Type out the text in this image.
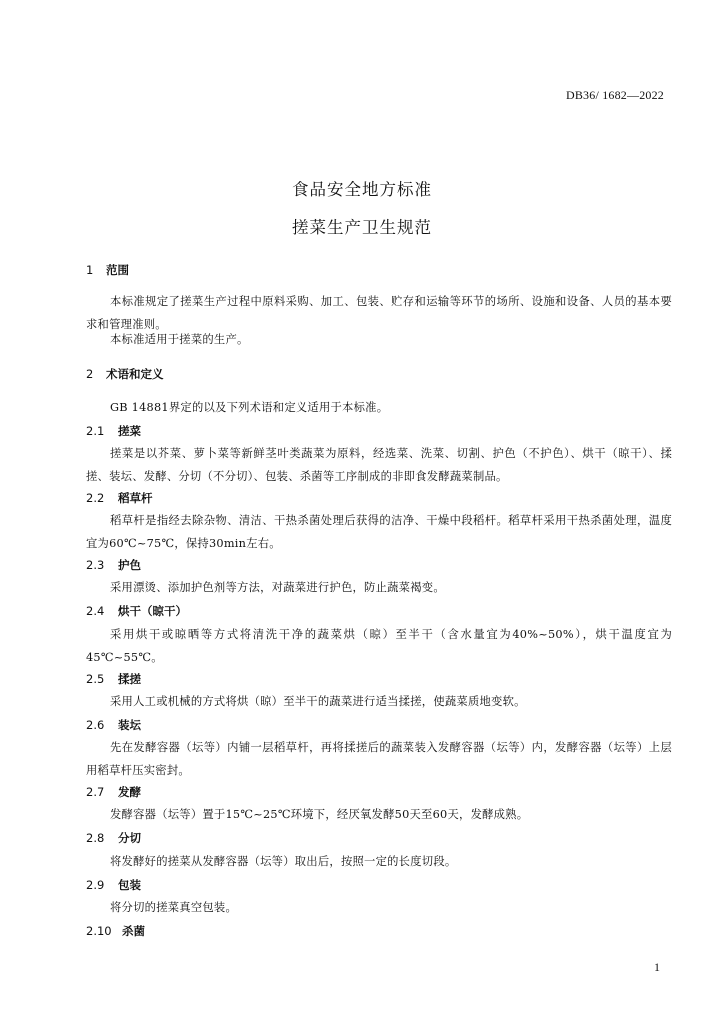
DB36/ 1682—2022
食品安全地方标准
搓菜生产卫生规范
1 范围
本标准规定了搓菜生产过程中原料采购、加工、包装、贮存和运输等环节的场所、设施和设备、人员的基本要求和管理准则。
本标准适用于搓菜的生产。
2 术语和定义
GB 14881界定的以及下列术语和定义适用于本标准。
2.1 搓菜
搓菜是以芥菜、萝卜菜等新鲜茎叶类蔬菜为原料，经选菜、洗菜、切割、护色（不护色）、烘干（晾干）、揉搓、装坛、发酵、分切（不分切）、包装、杀菌等工序制成的非即食发酵蔬菜制品。
2.2 稻草杆
稻草杆是指经去除杂物、清洁、干热杀菌处理后获得的洁净、干燥中段稻杆。稻草杆采用干热杀菌处理，温度宜为60℃~75℃，保持30min左右。
2.3 护色
采用漂烫、添加护色剂等方法，对蔬菜进行护色，防止蔬菜褐变。
2.4 烘干（晾干）
采用烘干或晾晒等方式将清洗干净的蔬菜烘（晾）至半干（含水量宜为40%~50%），烘干温度宜为45℃~55℃。
2.5 揉搓
采用人工或机械的方式将烘（晾）至半干的蔬菜进行适当揉搓，使蔬菜质地变软。
2.6 装坛
先在发酵容器（坛等）内铺一层稻草杆，再将揉搓后的蔬菜装入发酵容器（坛等）内，发酵容器（坛等）上层用稻草杆压实密封。
2.7 发酵
发酵容器（坛等）置于15℃~25℃环境下，经厌氧发酵50天至60天，发酵成熟。
2.8 分切
将发酵好的搓菜从发酵容器（坛等）取出后，按照一定的长度切段。
2.9 包装
将分切的搓菜真空包装。
2.10 杀菌
1
